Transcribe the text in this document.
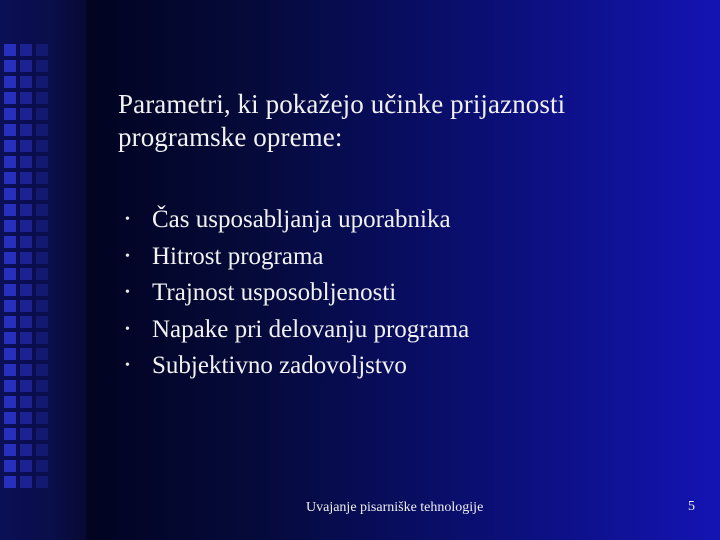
Parametri, ki pokažejo učinke prijaznosti programske opreme:
• Čas usposabljanja uporabnika
• Hitrost programa
• Trajnost usposobljenosti
• Napake pri delovanju programa
• Subjektivno zadovoljstvo
Uvajanje pisarniške tehnologije	5
